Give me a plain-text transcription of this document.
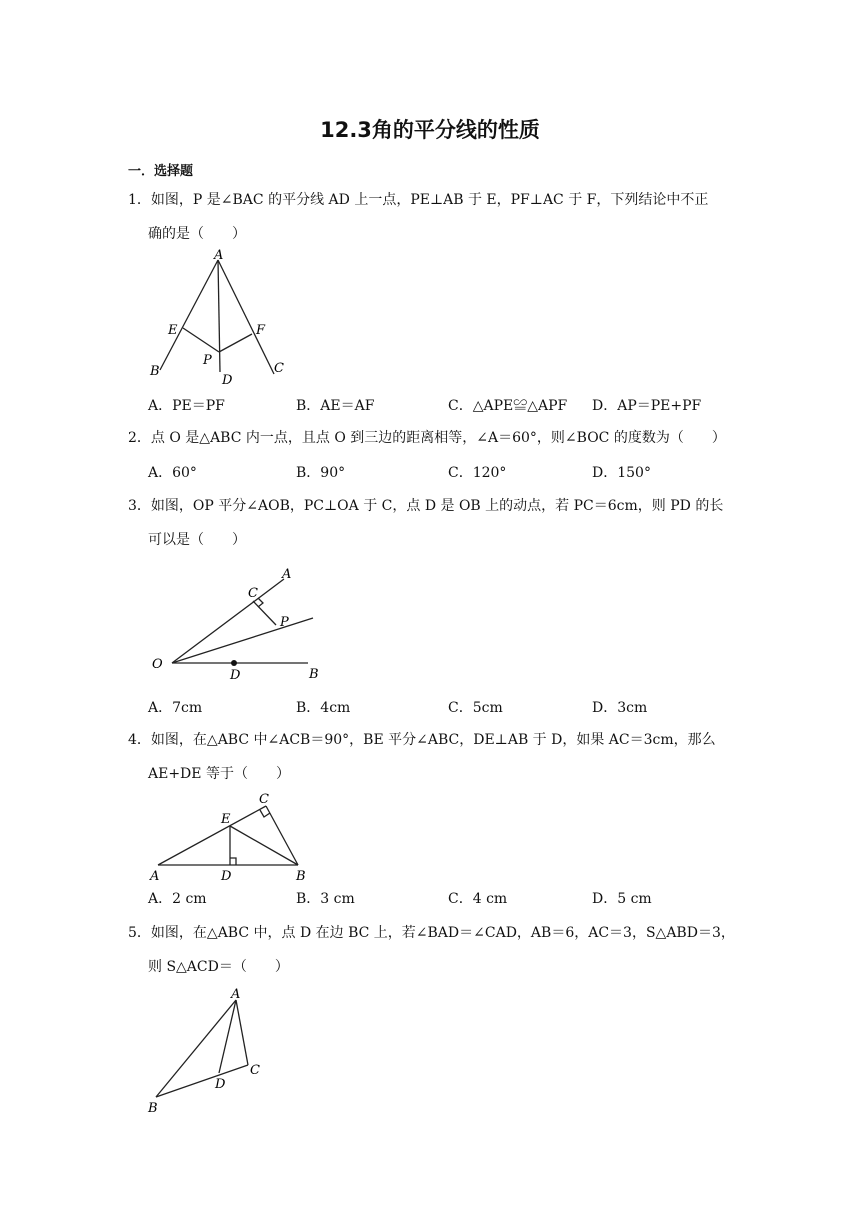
12.3角的平分线的性质
一．选择题
1．如图，P 是∠BAC 的平分线 AD 上一点，PE⊥AB 于 E，PF⊥AC 于 F，下列结论中不正
确的是（　　）
A
B	C
D
E	F
P
A．PE＝PF	B．AE＝AF	C．△APE≌△APF D．AP＝PE+PF
2．点 O 是△ABC 内一点，且点 O 到三边的距离相等，∠A＝60°，则∠BOC 的度数为（　　）
A．60°	B．90°	C．120°	D．150°
3．如图，OP 平分∠AOB，PC⊥OA 于 C，点 D 是 OB 上的动点，若 PC＝6cm，则 PD 的长
可以是（　　）
O
A
B
C
D
P
A．7cm	B．4cm	C．5cm	D．3cm
4．如图，在△ABC 中∠ACB＝90°，BE 平分∠ABC，DE⊥AB 于 D，如果 AC＝3cm，那么
AE+DE 等于（　　）
A	B
C
D
E
A．2 cm	B．3 cm	C．4 cm	D．5 cm
5．如图，在△ABC 中，点 D 在边 BC 上，若∠BAD＝∠CAD，AB＝6，AC＝3，S△ABD＝3，
则 S△ACD＝（　　）
A
B
C
D
